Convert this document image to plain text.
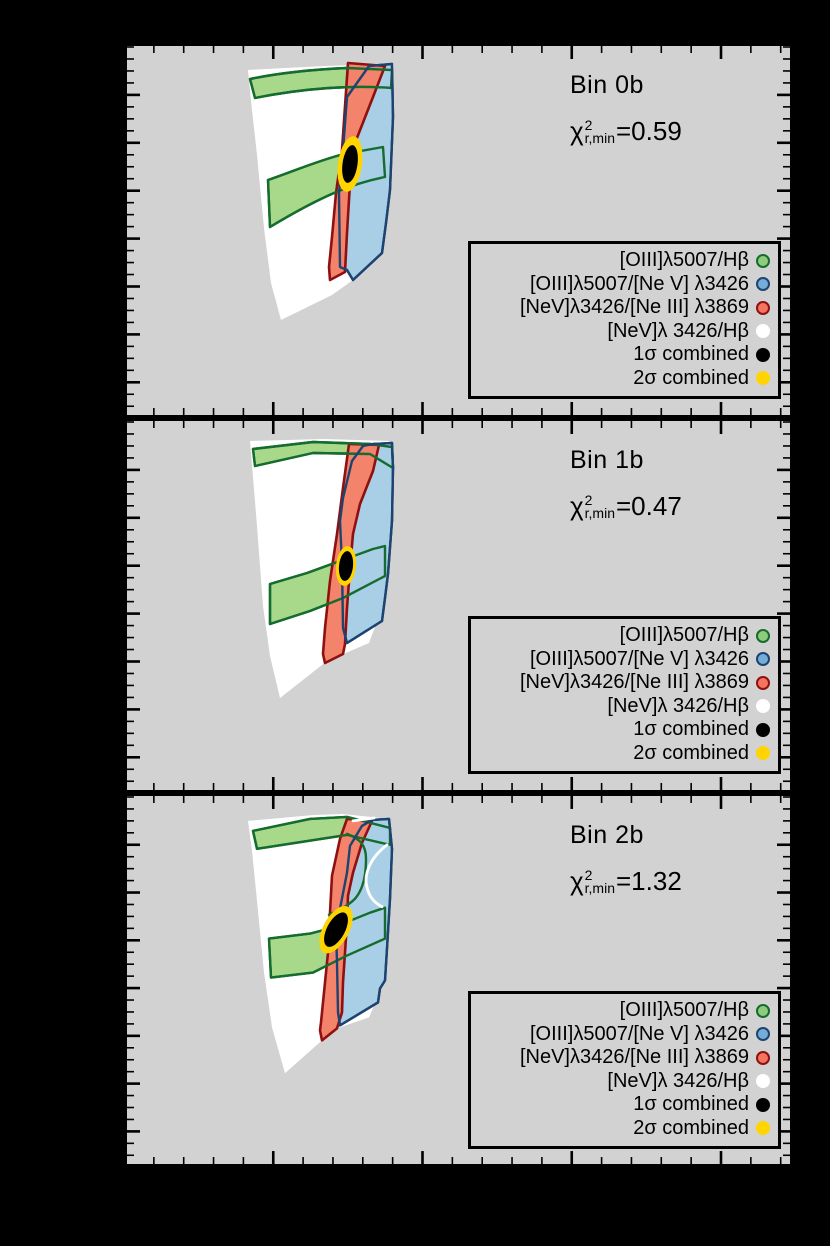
Bin 0b
χ 2
r,min =0.59
[OIII]λ5007/Hβ
[OIII]λ5007/[Ne V] λ3426
[NeV]λ3426/[Ne III] λ3869
[NeV]λ 3426/Hβ
1σ combined
2σ combined
Bin 1b
χ 2
r,min =0.47
[OIII]λ5007/Hβ
[OIII]λ5007/[Ne V] λ3426
[NeV]λ3426/[Ne III] λ3869
[NeV]λ 3426/Hβ
1σ combined
2σ combined
Bin 2b
χ 2
r,min =1.32
[OIII]λ5007/Hβ
[OIII]λ5007/[Ne V] λ3426
[NeV]λ3426/[Ne III] λ3869
[NeV]λ 3426/Hβ
1σ combined
2σ combined
